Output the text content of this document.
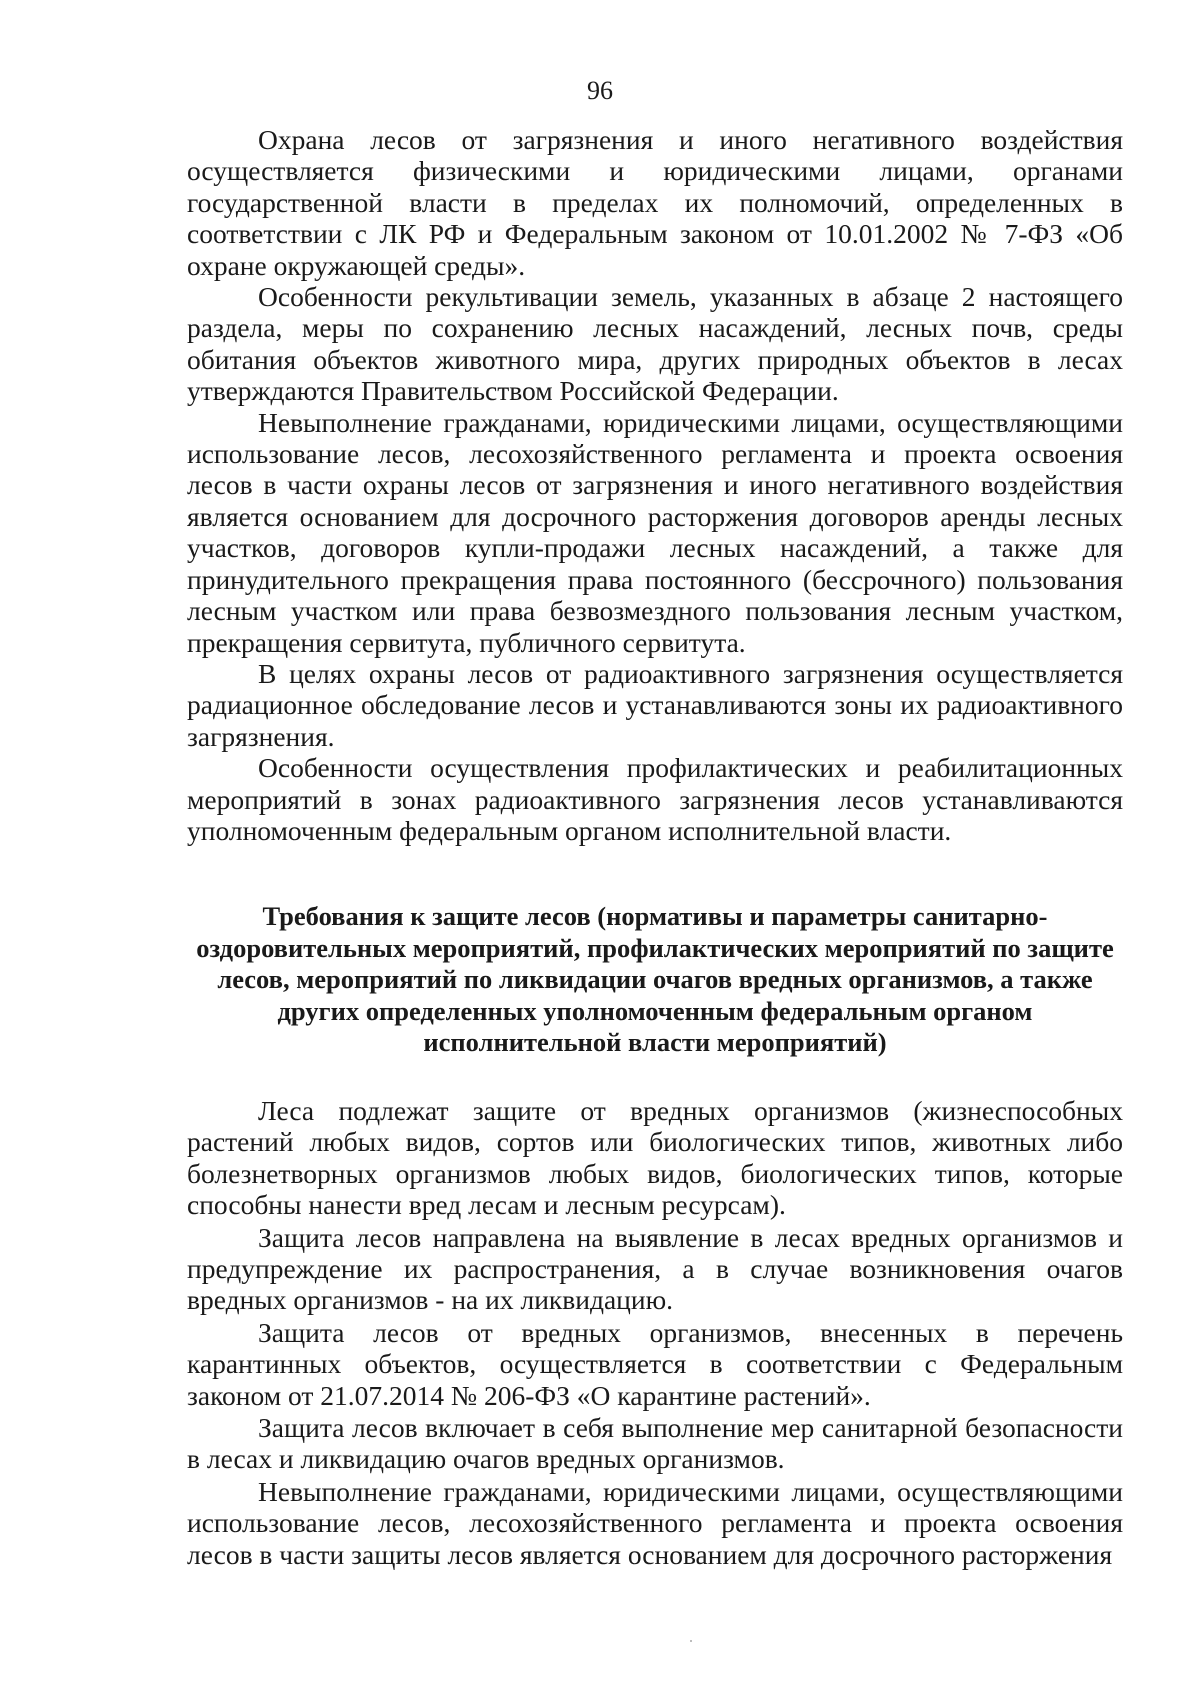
96

Охрана лесов от загрязнения и иного негативного воздействия осуществляется физическими и юридическими лицами, органами государственной власти в пределах их полномочий, определенных в соответствии с ЛК РФ и Федеральным законом от 10.01.2002 № 7-ФЗ «Об охране окружающей среды».

Особенности рекультивации земель, указанных в абзаце 2 настоящего раздела, меры по сохранению лесных насаждений, лесных почв, среды обитания объектов животного мира, других природных объектов в лесах утверждаются Правительством Российской Федерации.

Невыполнение гражданами, юридическими лицами, осуществляющими использование лесов, лесохозяйственного регламента и проекта освоения лесов в части охраны лесов от загрязнения и иного негативного воздействия является основанием для досрочного расторжения договоров аренды лесных участков, договоров купли-продажи лесных насаждений, а также для принудительного прекращения права постоянного (бессрочного) пользования лесным участком или права безвозмездного пользования лесным участком, прекращения сервитута, публичного сервитута.

В целях охраны лесов от радиоактивного загрязнения осуществляется радиационное обследование лесов и устанавливаются зоны их радиоактивного загрязнения.

Особенности осуществления профилактических и реабилитационных мероприятий в зонах радиоактивного загрязнения лесов устанавливаются уполномоченным федеральным органом исполнительной власти.

Требования к защите лесов (нормативы и параметры санитарно-оздоровительных мероприятий, профилактических мероприятий по защите лесов, мероприятий по ликвидации очагов вредных организмов, а также других определенных уполномоченным федеральным органом исполнительной власти мероприятий)

Леса подлежат защите от вредных организмов (жизнеспособных растений любых видов, сортов или биологических типов, животных либо болезнетворных организмов любых видов, биологических типов, которые способны нанести вред лесам и лесным ресурсам).

Защита лесов направлена на выявление в лесах вредных организмов и предупреждение их распространения, а в случае возникновения очагов вредных организмов - на их ликвидацию.

Защита лесов от вредных организмов, внесенных в перечень карантинных объектов, осуществляется в соответствии с Федеральным законом от 21.07.2014 № 206-ФЗ «О карантине растений».

Защита лесов включает в себя выполнение мер санитарной безопасности в лесах и ликвидацию очагов вредных организмов.

Невыполнение гражданами, юридическими лицами, осуществляющими использование лесов, лесохозяйственного регламента и проекта освоения лесов в части защиты лесов является основанием для досрочного расторжения
